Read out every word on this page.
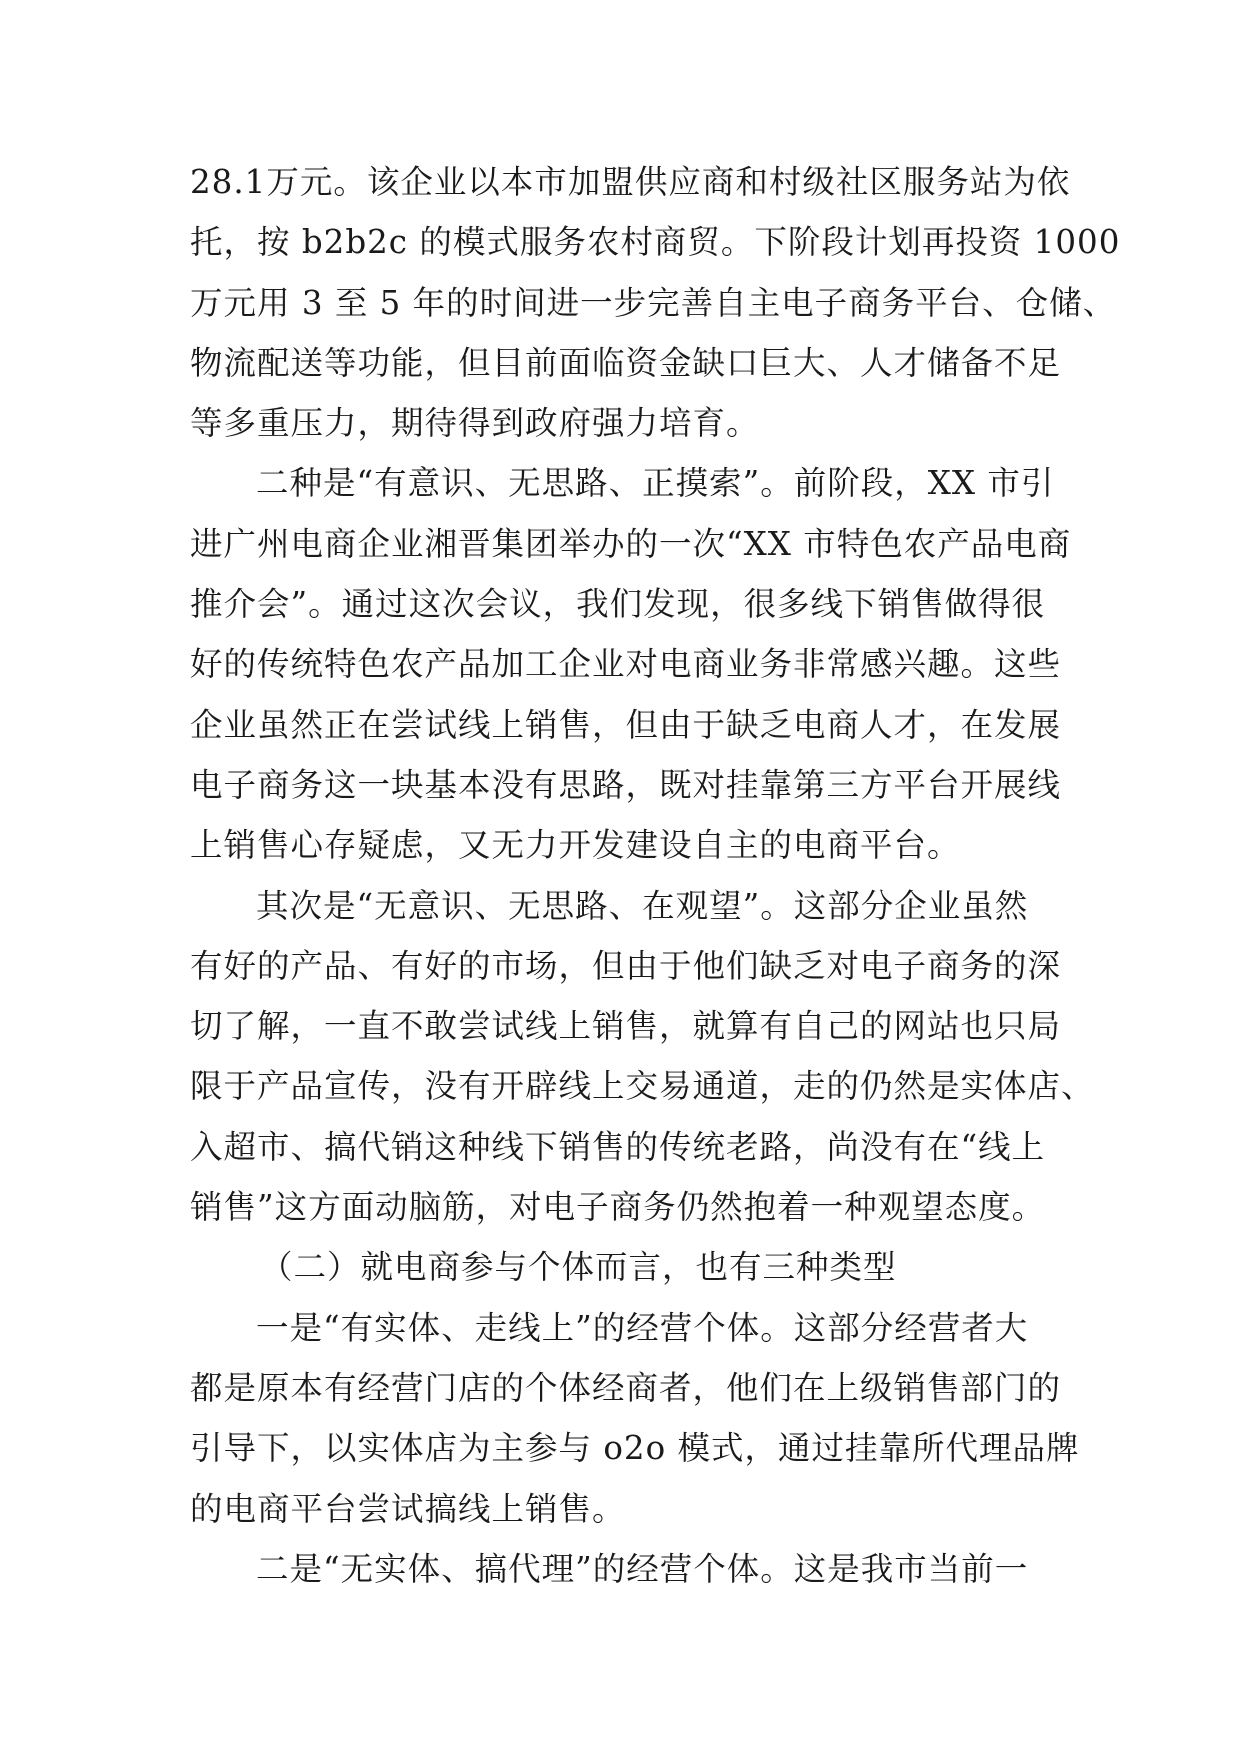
28.1万元。该企业以本市加盟供应商和村级社区服务站为依
托，按 b2b2c 的模式服务农村商贸。下阶段计划再投资 1000
万元用 3 至 5 年的时间进一步完善自主电子商务平台、仓储、
物流配送等功能，但目前面临资金缺口巨大、人才储备不足
等多重压力，期待得到政府强力培育。
二种是“有意识、无思路、正摸索”。前阶段，XX 市引
进广州电商企业湘晋集团举办的一次“XX 市特色农产品电商
推介会”。通过这次会议，我们发现，很多线下销售做得很
好的传统特色农产品加工企业对电商业务非常感兴趣。这些
企业虽然正在尝试线上销售，但由于缺乏电商人才，在发展
电子商务这一块基本没有思路，既对挂靠第三方平台开展线
上销售心存疑虑，又无力开发建设自主的电商平台。
其次是“无意识、无思路、在观望”。这部分企业虽然
有好的产品、有好的市场，但由于他们缺乏对电子商务的深
切了解，一直不敢尝试线上销售，就算有自己的网站也只局
限于产品宣传，没有开辟线上交易通道，走的仍然是实体店、
入超市、搞代销这种线下销售的传统老路，尚没有在“线上
销售”这方面动脑筋，对电子商务仍然抱着一种观望态度。
（二）就电商参与个体而言，也有三种类型
一是“有实体、走线上”的经营个体。这部分经营者大
都是原本有经营门店的个体经商者，他们在上级销售部门的
引导下，以实体店为主参与 o2o 模式，通过挂靠所代理品牌
的电商平台尝试搞线上销售。
二是“无实体、搞代理”的经营个体。这是我市当前一
